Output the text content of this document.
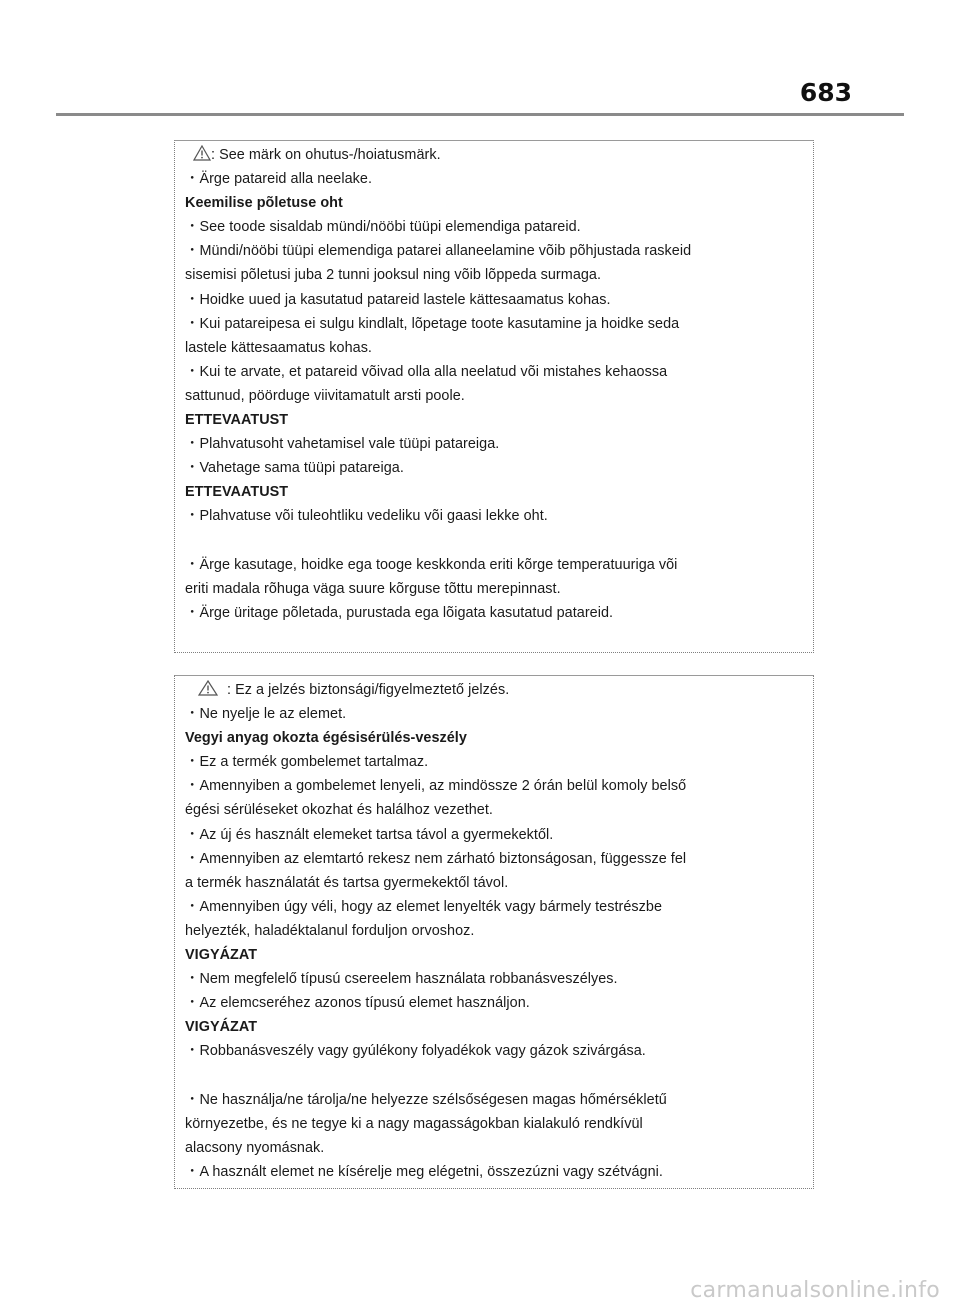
683
: See märk on ohutus-/hoiatusmärk.
・Ärge patareid alla neelake.
Keemilise põletuse oht
・See toode sisaldab mündi/nööbi tüüpi elemendiga patareid.
・Mündi/nööbi tüüpi elemendiga patarei allaneelamine võib põhjustada raskeid
sisemisi põletusi juba 2 tunni jooksul ning võib lõppeda surmaga.
・Hoidke uued ja kasutatud patareid lastele kättesaamatus kohas.
・Kui patareipesa ei sulgu kindlalt, lõpetage toote kasutamine ja hoidke seda
lastele kättesaamatus kohas.
・Kui te arvate, et patareid võivad olla alla neelatud või mistahes kehaossa
sattunud, pöörduge viivitamatult arsti poole.
ETTEVAATUST
・Plahvatusoht vahetamisel vale tüüpi patareiga.
・Vahetage sama tüüpi patareiga.
ETTEVAATUST
・Plahvatuse või tuleohtliku vedeliku või gaasi lekke oht.
・Ärge kasutage, hoidke ega tooge keskkonda eriti kõrge temperatuuriga või
eriti madala rõhuga väga suure kõrguse tõttu merepinnast.
・Ärge üritage põletada, purustada ega lõigata kasutatud patareid.
: Ez a jelzés biztonsági/figyelmeztető jelzés.
・Ne nyelje le az elemet.
Vegyi anyag okozta égésisérülés-veszély
・Ez a termék gombelemet tartalmaz.
・Amennyiben a gombelemet lenyeli, az mindössze 2 órán belül komoly belső
égési sérüléseket okozhat és halálhoz vezethet.
・Az új és használt elemeket tartsa távol a gyermekektől.
・Amennyiben az elemtartó rekesz nem zárható biztonságosan, függessze fel
a termék használatát és tartsa gyermekektől távol.
・Amennyiben úgy véli, hogy az elemet lenyelték vagy bármely testrészbe
helyezték, haladéktalanul forduljon orvoshoz.
VIGYÁZAT
・Nem megfelelő típusú csereelem használata robbanásveszélyes.
・Az elemcseréhez azonos típusú elemet használjon.
VIGYÁZAT
・Robbanásveszély vagy gyúlékony folyadékok vagy gázok szivárgása.
・Ne használja/ne tárolja/ne helyezze szélsőségesen magas hőmérsékletű
környezetbe, és ne tegye ki a nagy magasságokban kialakuló rendkívül
alacsony nyomásnak.
・A használt elemet ne kísérelje meg elégetni, összezúzni vagy szétvágni.
carmanualsonline.info
